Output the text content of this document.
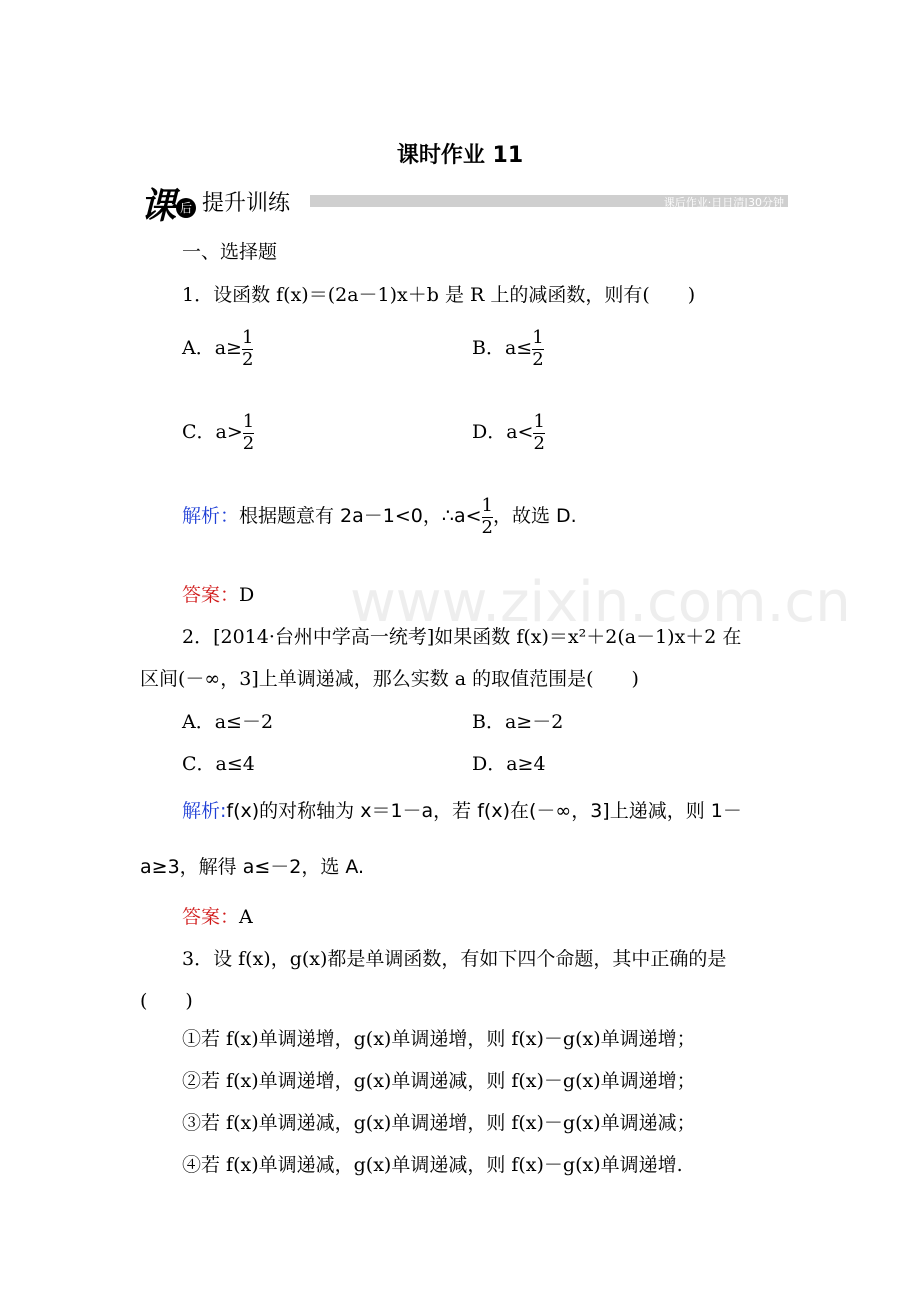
www.zixin.com.cn
课时作业 11
课 后 提升训练	课后作业·日日清|30分钟
一、选择题
1．设函数 f(x)＝(2a－1)x＋b 是 R 上的减函数，则有(　　)
A．$a\ge \frac{1}{2}$	B．$a\le \frac{1}{2}$
C．$a> \frac{1}{2}$	D．$a< \frac{1}{2}$
解析：根据题意有 2a－1<0，∴a< $\frac{1}{2}$ ，故选 D.
答案：D
2．[2014·台州中学高一统考]如果函数 f(x)＝x²＋2(a－1)x＋2 在
区间(－∞，3]上单调递减，那么实数 a 的取值范围是(　　)
A．a≤－2	B．a≥－2
C．a≤4	D．a≥4
解析:f(x)的对称轴为 x＝1－a，若 f(x)在(－∞，3]上递减，则 1－
a≥3，解得 a≤－2，选 A.
答案：A
3．设 f(x)，g(x)都是单调函数，有如下四个命题，其中正确的是
(　　)
①若 f(x)单调递增，g(x)单调递增，则 f(x)－g(x)单调递增；
②若 f(x)单调递增，g(x)单调递减，则 f(x)－g(x)单调递增；
③若 f(x)单调递减，g(x)单调递增，则 f(x)－g(x)单调递减；
④若 f(x)单调递减，g(x)单调递减，则 f(x)－g(x)单调递增.
